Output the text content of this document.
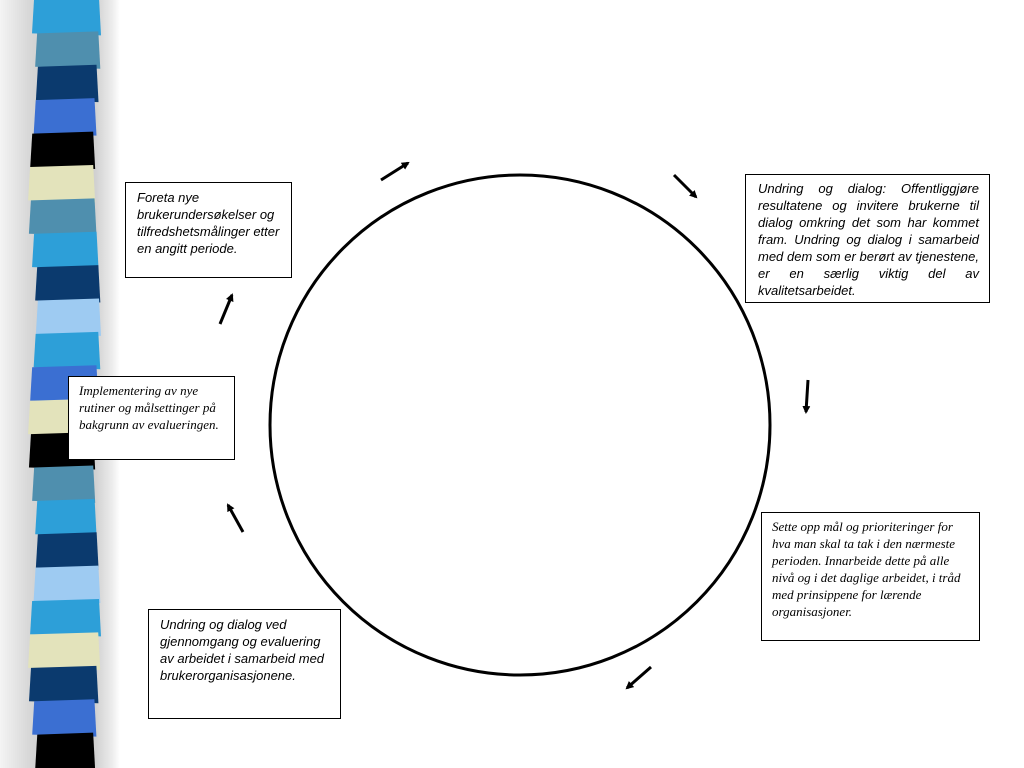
Foreta nye brukerundersøkelser og tilfredshetsmålinger etter en angitt periode.
Undring og dialog: Offentliggjøre resultatene og invitere brukerne til dialog omkring det som har kommet fram. Undring og dialog i samarbeid med dem som er berørt av tjenestene, er en særlig viktig del av kvalitetsarbeidet.
Implementering av nye rutiner og målsettinger på bakgrunn av evalueringen.
Sette opp mål og prioriteringer for hva man skal ta tak i den nærmeste perioden. Innarbeide dette på alle nivå og i det daglige arbeidet, i tråd med prinsippene for lærende organisasjoner.
Undring og dialog ved gjennomgang og evaluering av arbeidet i samarbeid med brukerorganisasjonene.
